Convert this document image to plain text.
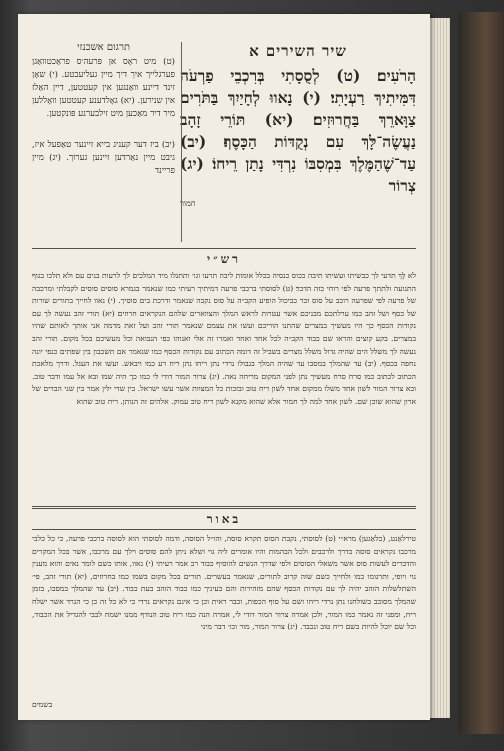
שיר השירים א
הָרֹעִים׃ (ט) לְסֻסָתִי בְּרִכְבֵי פַרְעֹה דִּמִּיתִיךְ רַעְיָתִי׃ (י) נָאווּ לְחָיַיִךְ בַּתֹּרִים צַוָּארֵךְ בַּחֲרוּזִים׃ (יא) תּוֹרֵי זָהָב נַעֲשֶׂה־לָּךְ עִם נְקֻדּוֹת הַכָּסֶף׃ (יב) עַד־שֶׁהַמֶּלֶךְ בִּמְסִבּוֹ נִרְדִּי נָתַן רֵיחוֹ׃ (יג) צְרוֹר
חמור
תרגום אשכנזי
(ט) מיט ראָס אן פּרעה׳ס פראַכטוואַגן פערגלייך איך דיך מיין געליעבטע. (י) שאָן זינד דיינע וואַנגען אין קעטטען, דיין האַלז אין שנירען. (יא) גאָלדענע קעטטען וואָללען מיר דיר מאַכען מיט זילבערנע פּונקטען.
(יב) ביז דער קעניג בייא זיינער טאַפעל איז, גיבט מיין נאַרדען זיינען גערוך. (יג) מיין פריינד
רש״י
לֹא לָךְ תדעי לך כבשיתו ועשיתו תיבה ככוס כנסיה בכלל אומות ליבה תרעו וגו׳ ותתגלו מיד המלכים לך לרעות בנים עם ולא תלכו בגוף התנועה ולתתך פרעה לפי רוחי כזה הדבר׃ (ט) לסוסתי ברכבי פרעה דמיתיך רעיתי כמו שנאמר בגמרא סוסים סוסים לקבלתי ומרכבה של פרעה לפי שפרעה רוכב על סוס זכר כביכול הופיע הקב״ה על סוס נקבה שנאמר ודרכת בים סוסיך. (י) נאוו לחייך בתורים שורות של כסף ושל זהב כמו ערלתכם מבניכם אשר עטרות לראש המלך והצווארים שלהם הנקראים חרוזים׃ (יא) תורי זהב נעשה לך עם נקודות הכסף כך היו מעשיך במצרים שהתנו הוריכם ועשו את עצמם שנאמר תורי זהב ועל זאת מדמה אני אותך לאותם שהיו במצרים. בקע קוצים והראו שם כבוד הקב״ה לכל אחד ואחד ואמרו זה אלי ואנוהו כפי הנבואה וכל מעשיכם בכל מקום. תורי זהב נעשה לך משלל הים שהיה גדול משלל מצרים בשביל זה דומה הכתוב עם נקודות הכסף כמו שנאמר אם תשכבון בין שפתים כנפי יונה נחפה בכסף. (יב) עד שהמלך במסבו עד שהיה המלך בגבולו נרדי נתן ריחו נתן ריח רע כמו ויבאש. ועשו את העגל. ודרך מלאכת הכתוב לכתוב כמו סרח סרח מעשיך נתן לפני המקום מריחה נאה. (יג) צרור המור דודי לי כמו כך היה שמו ובא אל עמו ודבר טוב. ובא צרור המור לשון אחד משלו ממקום אחד לשון ריח טוב ובזכות כל המצוות אשר עשו ישראל. בין שדי ילין אמר בין שני הבדים של ארון שהוא שוכן שם. לשון אחד למה לך חמור אלא שהוא מקנא לשון ריח טוב עמוק. אלהים זה הנותן. ריח טוב שהוא
באור
טירלאַנט, (כלאַגען) מרא״י (ט) לסוסתי, נקבת הסוס תקרא סוסה, והו״ל הסוסה, ודמה לסוסתי הוא לסוסה ברכבי פרעה, כי כל כלבי מרכבו נקראים סוסה כדרך ולרכבים ולכל הבהמות והיו אומרים ליה גוי ושלא ניתן להם סוסים וילך עם מרכבו, אשר בכל המקרים והדברים לעשות סוס אשר משאלי הסוסים ולפי שדרך הנשים להוסיף כבוד רב אמר רעיתי (י) נאוו, אותו כשם לומר נאים והוא מענין נוי ויופי, ותרגומו כמו ולחייך כשם שזה קרוב לתורים, שנאמר בעשרים. תורים בכל מקום בשמו כמו בחרוזים, (יא) תורי זהב, פי׳ השתלשלות הזהב יהיה לך עם נקודות הכסף שהם מזהירות והם בעיניך כמו כבוד הזהב בעת כבוד. (יב) עד שהמלך במסבו, בזמן שהמלך מסובב בשולחנו נתן נרדי ריחו ושם על סוף הכפות, וכבר ראית וכן כי אינם נקראים נרדי כי לא כל זה כן כי הנרד אשר ישלח ריח, ומפני זה נאמר כמו המור, ולכן אמרה צרור המור דודי לי, אמרה הנה כמו ריח טוב הנודף ממנו ישמח לבבי להגדיל את הכבוד, וכל שם יוכל להיות בשם ריח טוב ונכבד. (יג) צרור המור, מור וכו׳ דבר מיני
בשמים
